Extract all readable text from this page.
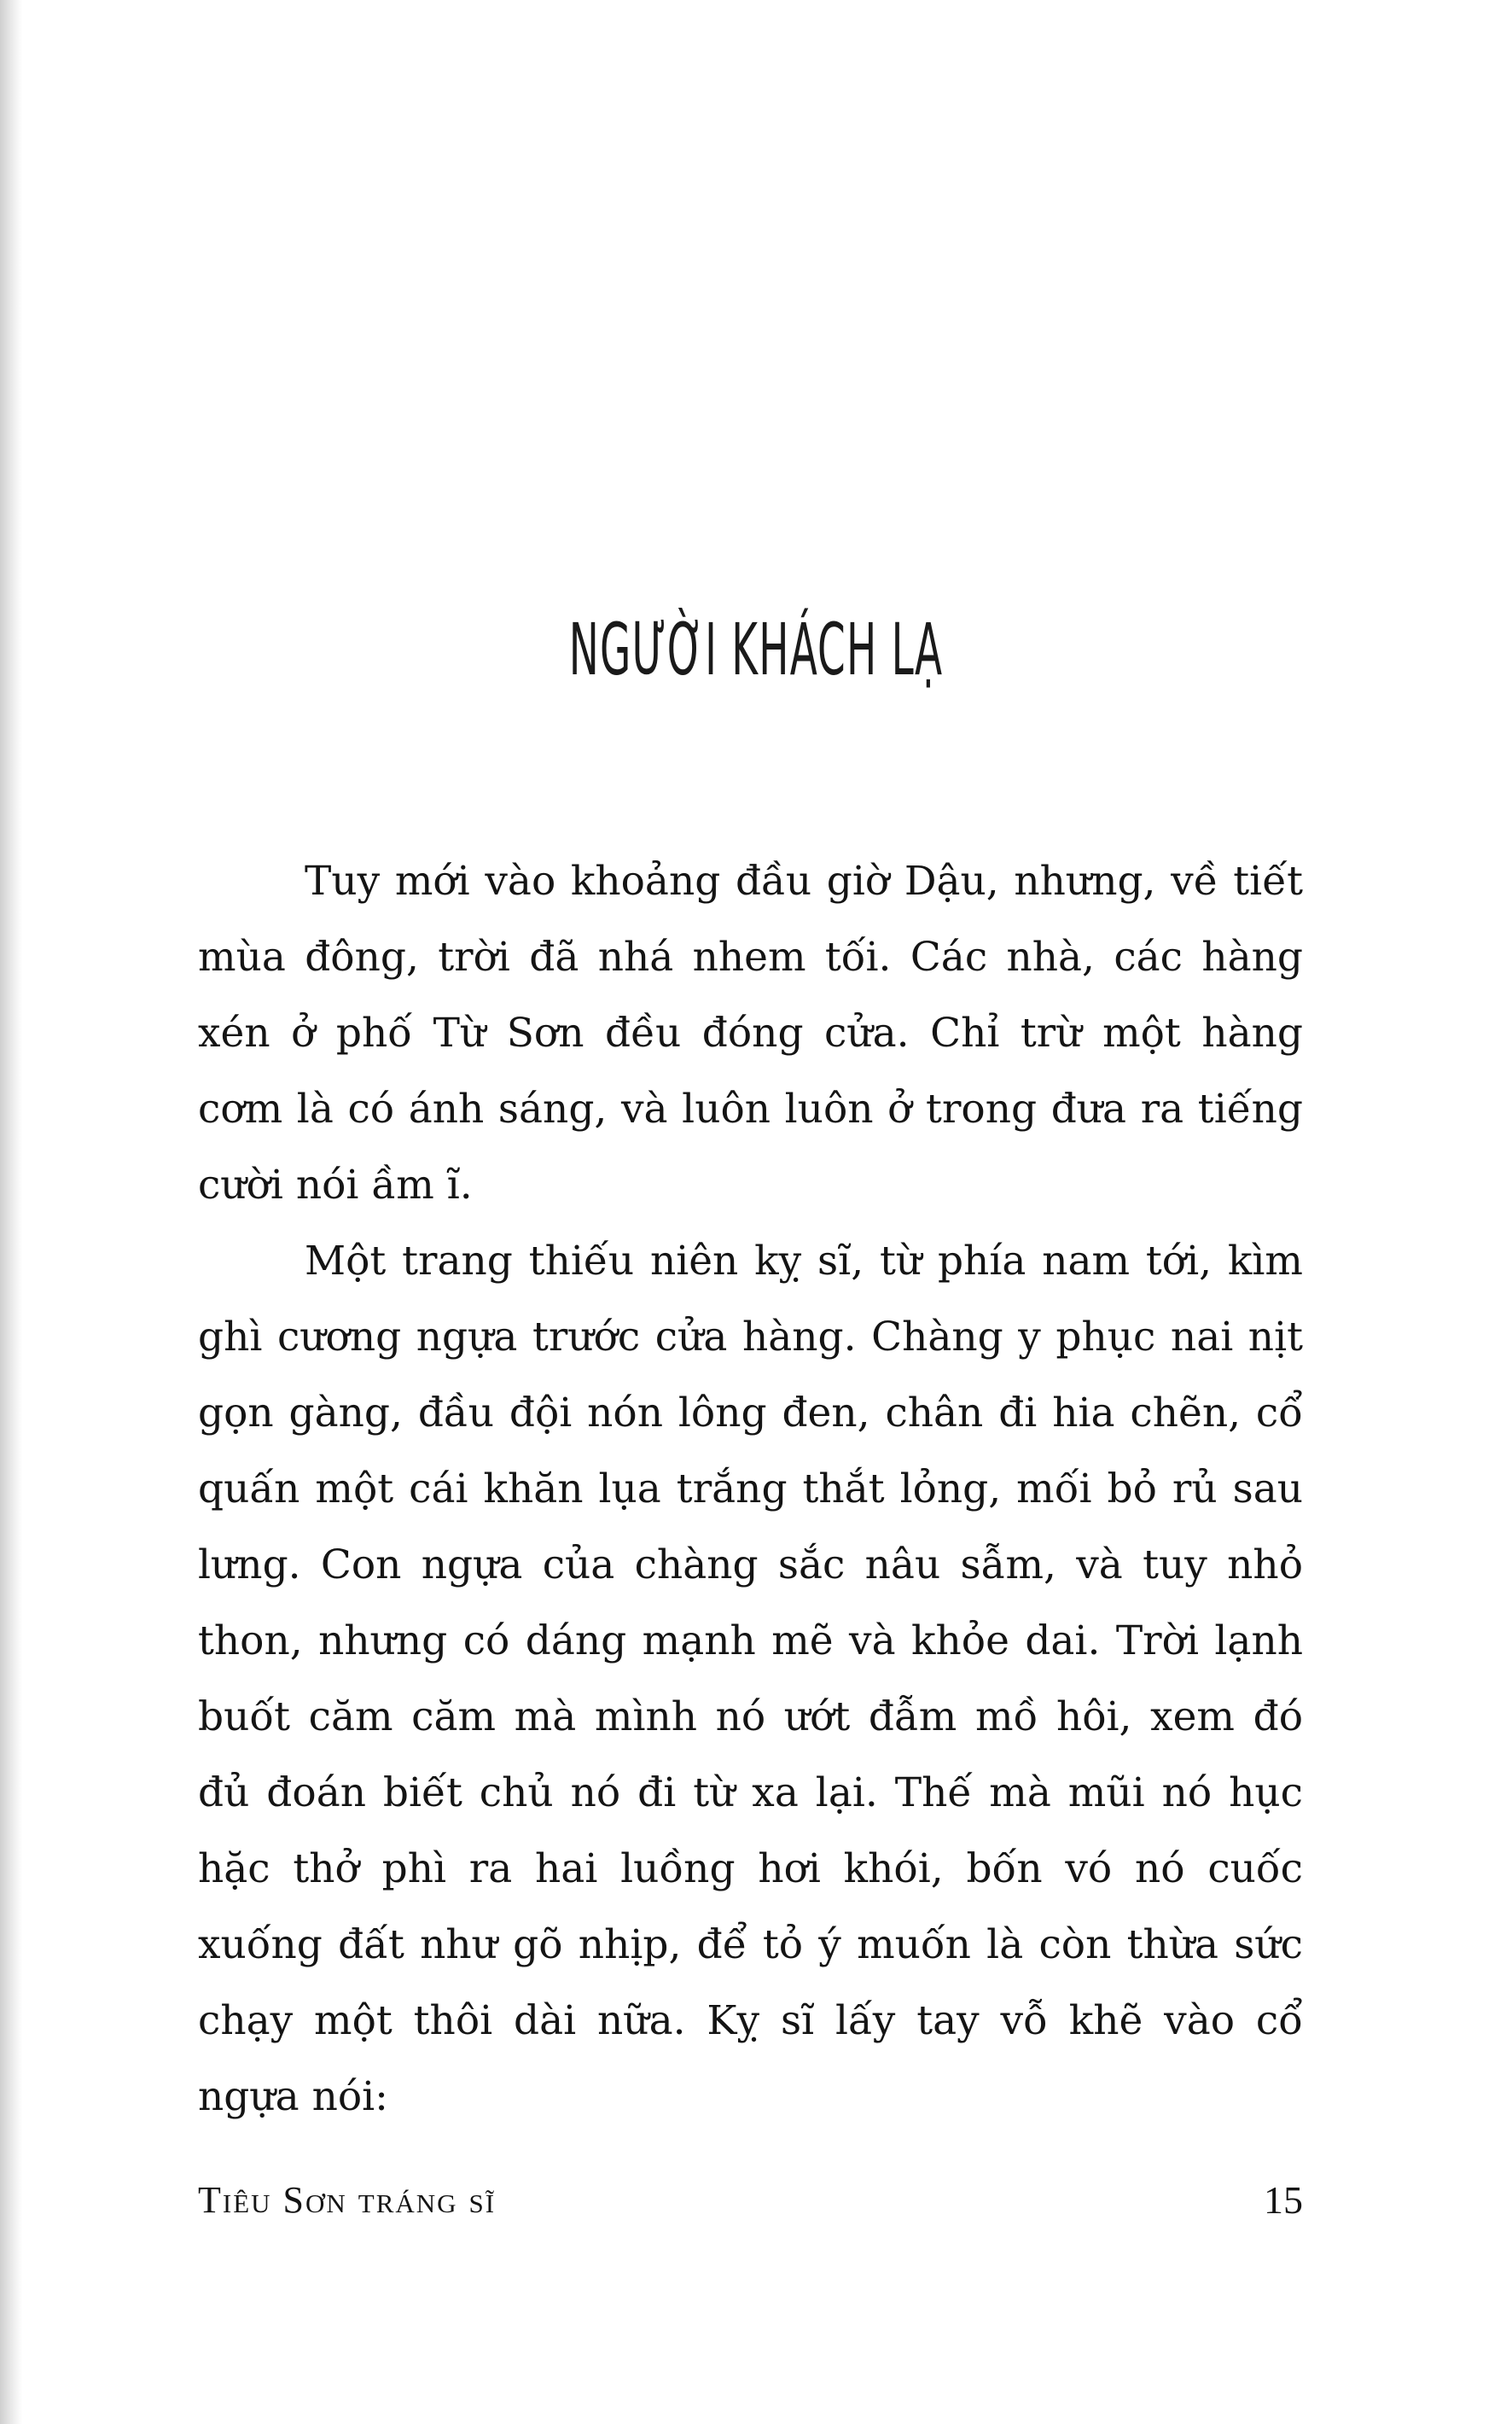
NGƯỜI KHÁCH LẠ

Tuy mới vào khoảng đầu giờ Dậu, nhưng, về tiết mùa đông, trời đã nhá nhem tối. Các nhà, các hàng xén ở phố Từ Sơn đều đóng cửa. Chỉ trừ một hàng cơm là có ánh sáng, và luôn luôn ở trong đưa ra tiếng cười nói ầm ĩ.

Một trang thiếu niên kỵ sĩ, từ phía nam tới, kìm ghì cương ngựa trước cửa hàng. Chàng y phục nai nịt gọn gàng, đầu đội nón lông đen, chân đi hia chẽn, cổ quấn một cái khăn lụa trắng thắt lỏng, mối bỏ rủ sau lưng. Con ngựa của chàng sắc nâu sẫm, và tuy nhỏ thon, nhưng có dáng mạnh mẽ và khỏe dai. Trời lạnh buốt căm căm mà mình nó ướt đẫm mồ hôi, xem đó đủ đoán biết chủ nó đi từ xa lại. Thế mà mũi nó hục hặc thở phì ra hai luồng hơi khói, bốn vó nó cuốc xuống đất như gõ nhịp, để tỏ ý muốn là còn thừa sức chạy một thôi dài nữa. Kỵ sĩ lấy tay vỗ khẽ vào cổ ngựa nói:

Tiêu Sơn tráng sĩ	15
